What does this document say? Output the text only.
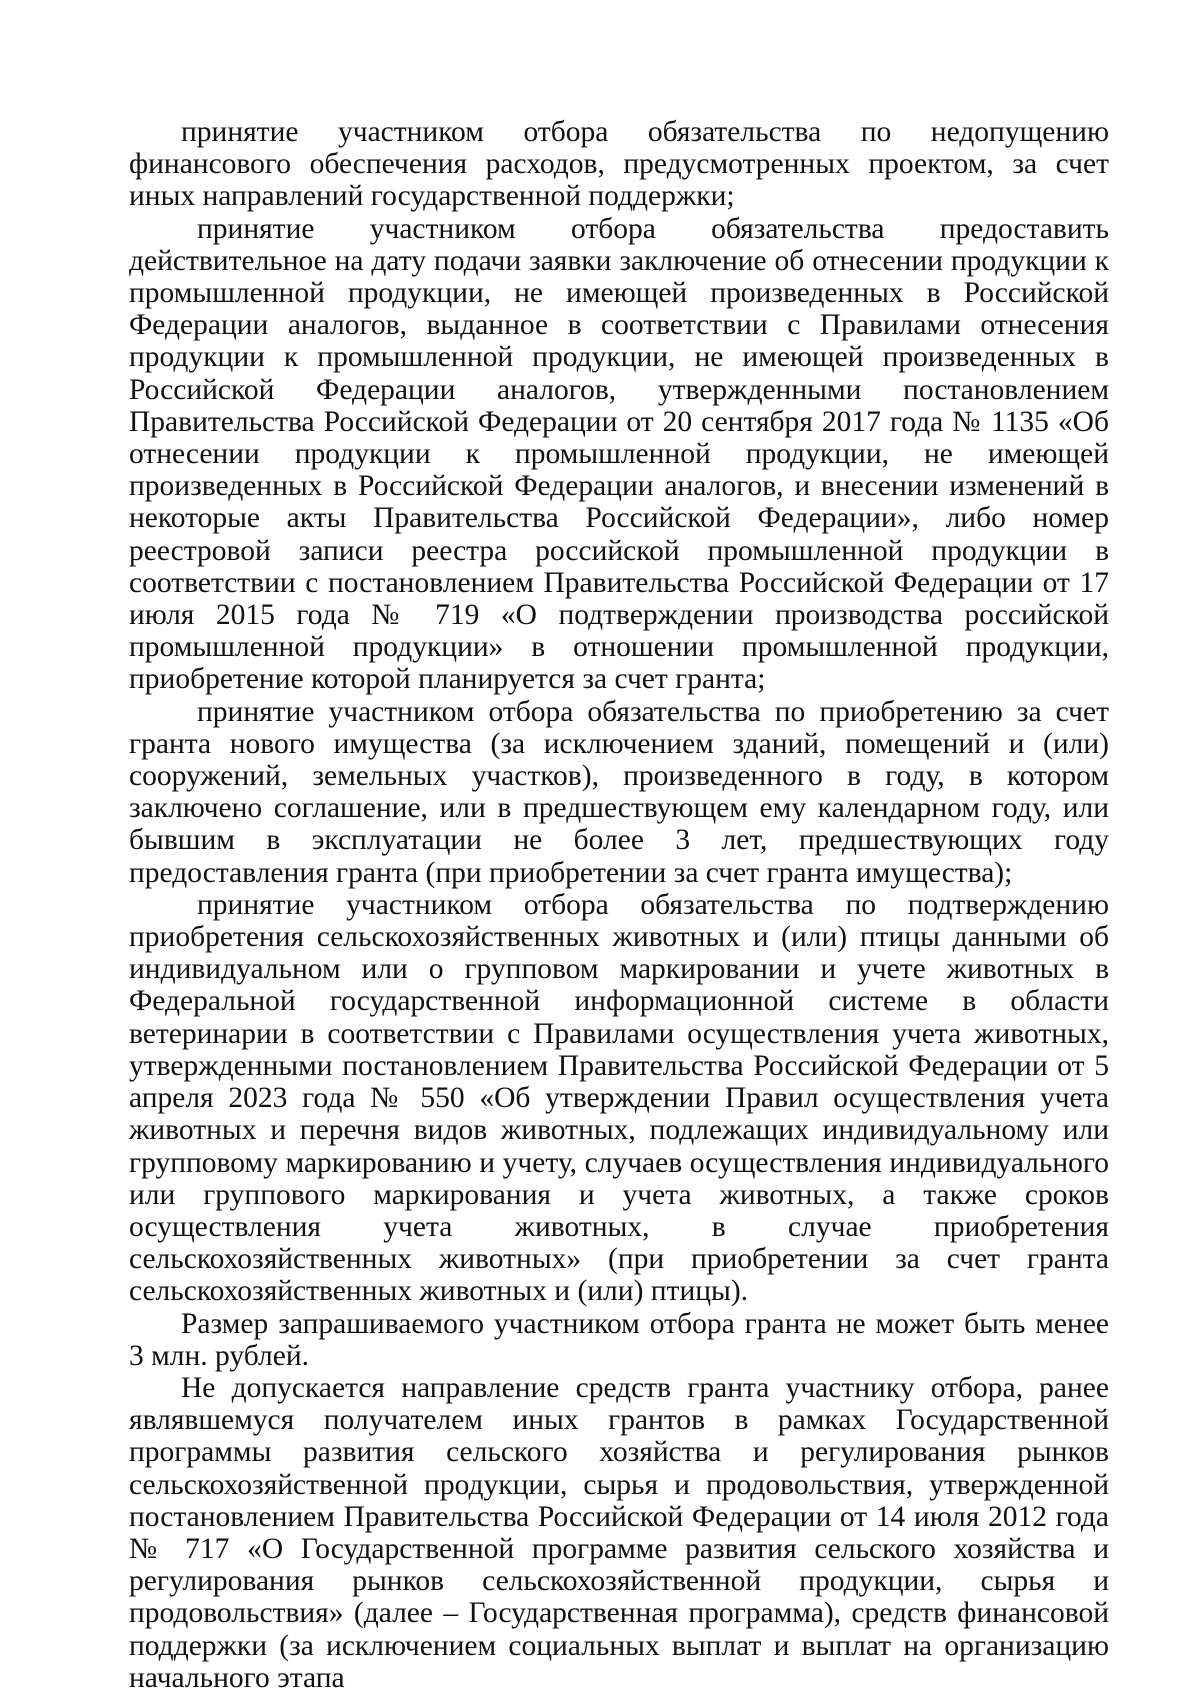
принятие участником отбора обязательства по недопущению финансового обеспечения расходов, предусмотренных проектом, за счет иных направлений государственной поддержки;

принятие участником отбора обязательства предоставить действительное на дату подачи заявки заключение об отнесении продукции к промышленной продукции, не имеющей произведенных в Российской Федерации аналогов, выданное в соответствии с Правилами отнесения продукции к промышленной продукции, не имеющей произведенных в Российской Федерации аналогов, утвержденными постановлением Правительства Российской Федерации от 20 сентября 2017 года № 1135 «Об отнесении продукции к промышленной продукции, не имеющей произведенных в Российской Федерации аналогов, и внесении изменений в некоторые акты Правительства Российской Федерации», либо номер реестровой записи реестра российской промышленной продукции в соответствии с постановлением Правительства Российской Федерации от 17 июля 2015 года № 719 «О подтверждении производства российской промышленной продукции» в отношении промышленной продукции, приобретение которой планируется за счет гранта;

принятие участником отбора обязательства по приобретению за счет гранта нового имущества (за исключением зданий, помещений и (или) сооружений, земельных участков), произведенного в году, в котором заключено соглашение, или в предшествующем ему календарном году, или бывшим в эксплуатации не более 3 лет, предшествующих году предоставления гранта (при приобретении за счет гранта имущества);

принятие участником отбора обязательства по подтверждению приобретения сельскохозяйственных животных и (или) птицы данными об индивидуальном или о групповом маркировании и учете животных в Федеральной государственной информационной системе в области ветеринарии в соответствии с Правилами осуществления учета животных, утвержденными постановлением Правительства Российской Федерации от 5 апреля 2023 года № 550 «Об утверждении Правил осуществления учета животных и перечня видов животных, подлежащих индивидуальному или групповому маркированию и учету, случаев осуществления индивидуального или группового маркирования и учета животных, а также сроков осуществления учета животных, в случае приобретения сельскохозяйственных животных» (при приобретении за счет гранта сельскохозяйственных животных и (или) птицы).

Размер запрашиваемого участником отбора гранта не может быть менее 3 млн. рублей.

Не допускается направление средств гранта участнику отбора, ранее являвшемуся получателем иных грантов в рамках Государственной программы развития сельского хозяйства и регулирования рынков сельскохозяйственной продукции, сырья и продовольствия, утвержденной постановлением Правительства Российской Федерации от 14 июля 2012 года № 717 «О Государственной программе развития сельского хозяйства и регулирования рынков сельскохозяйственной продукции, сырья и продовольствия» (далее – Государственная программа), средств финансовой поддержки (за исключением социальных выплат и выплат на организацию начального этапа
